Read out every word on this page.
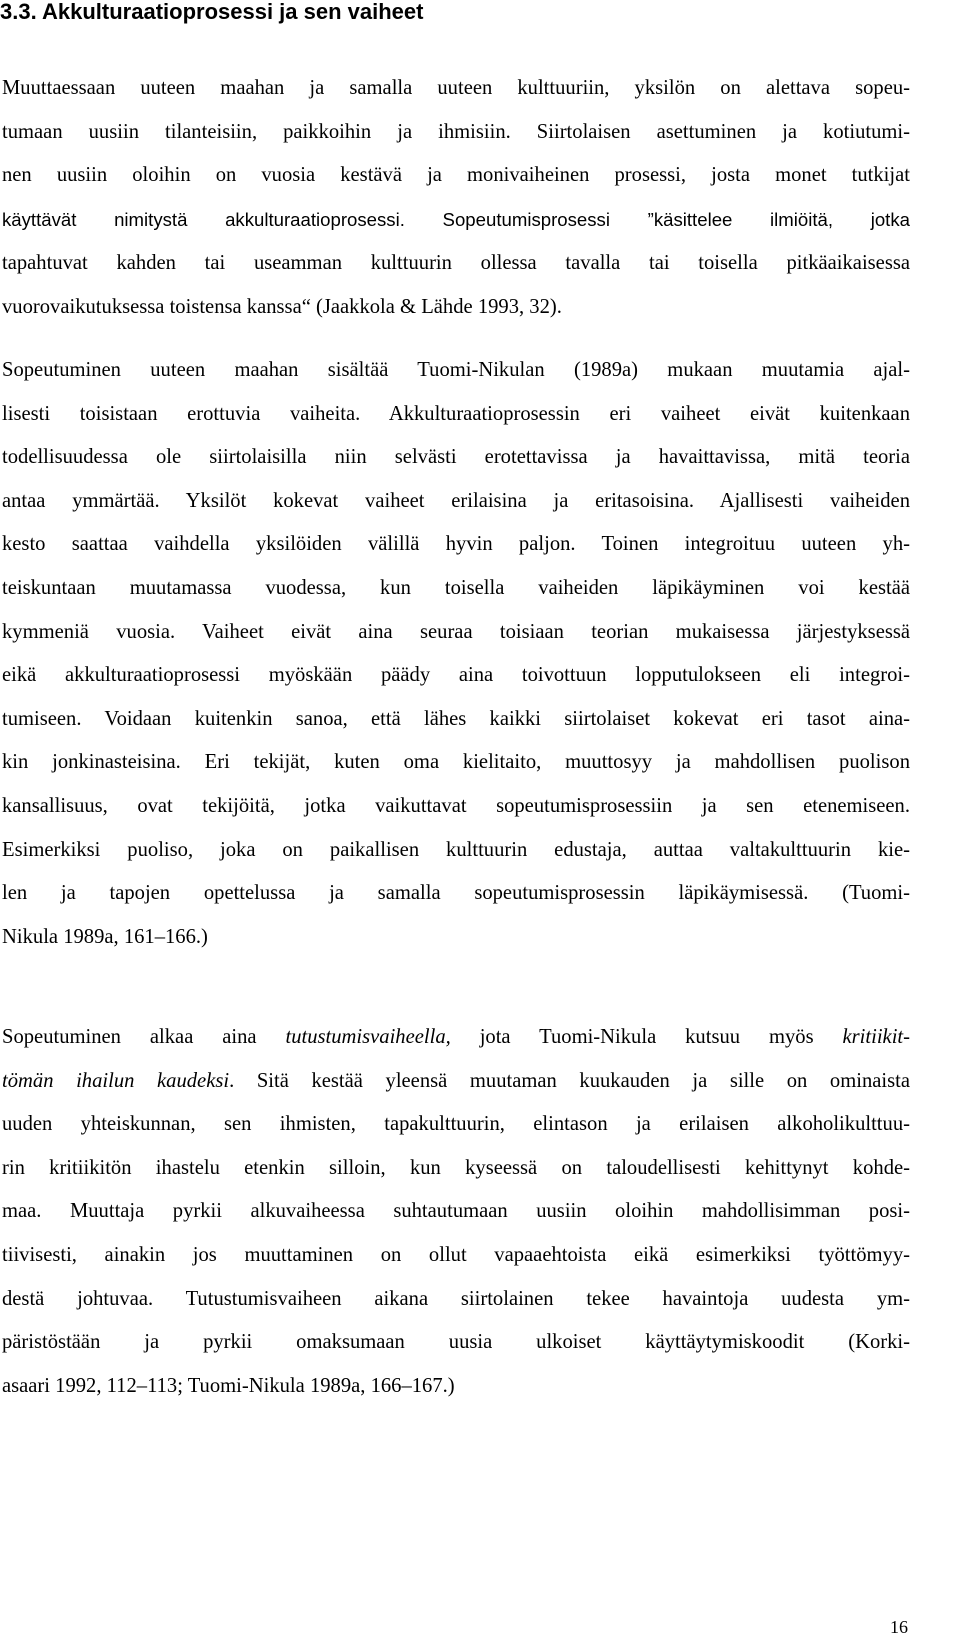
3.3. Akkulturaatioprosessi ja sen vaiheet
Muuttaessaan uuteen maahan ja samalla uuteen kulttuuriin, yksilön on alettava sopeu-
tumaan uusiin tilanteisiin, paikkoihin ja ihmisiin. Siirtolaisen asettuminen ja kotiutumi-
nen uusiin oloihin on vuosia kestävä ja monivaiheinen prosessi, josta monet tutkijat
käyttävät nimitystä akkulturaatioprosessi. Sopeutumisprosessi ”käsittelee ilmiöitä, jotka
tapahtuvat kahden tai useamman kulttuurin ollessa tavalla tai toisella pitkäaikaisessa
vuorovaikutuksessa toistensa kanssa“ (Jaakkola & Lähde 1993, 32).
Sopeutuminen uuteen maahan sisältää Tuomi-Nikulan (1989a) mukaan muutamia ajal-
lisesti toisistaan erottuvia vaiheita. Akkulturaatioprosessin eri vaiheet eivät kuitenkaan
todellisuudessa ole siirtolaisilla niin selvästi erotettavissa ja havaittavissa, mitä teoria
antaa ymmärtää. Yksilöt kokevat vaiheet erilaisina ja eritasoisina. Ajallisesti vaiheiden
kesto saattaa vaihdella yksilöiden välillä hyvin paljon. Toinen integroituu uuteen yh-
teiskuntaan muutamassa vuodessa, kun toisella vaiheiden läpikäyminen voi kestää
kymmeniä vuosia. Vaiheet eivät aina seuraa toisiaan teorian mukaisessa järjestyksessä
eikä akkulturaatioprosessi myöskään päädy aina toivottuun lopputulokseen eli integroi-
tumiseen. Voidaan kuitenkin sanoa, että lähes kaikki siirtolaiset kokevat eri tasot aina-
kin jonkinasteisina. Eri tekijät, kuten oma kielitaito, muuttosyy ja mahdollisen puolison
kansallisuus, ovat tekijöitä, jotka vaikuttavat sopeutumisprosessiin ja sen etenemiseen.
Esimerkiksi puoliso, joka on paikallisen kulttuurin edustaja, auttaa valtakulttuurin kie-
len ja tapojen opettelussa ja samalla sopeutumisprosessin läpikäymisessä. (Tuomi-
Nikula 1989a, 161–166.)
Sopeutuminen alkaa aina tutustumisvaiheella, jota Tuomi-Nikula kutsuu myös kritiikit-
tömän ihailun kaudeksi. Sitä kestää yleensä muutaman kuukauden ja sille on ominaista
uuden yhteiskunnan, sen ihmisten, tapakulttuurin, elintason ja erilaisen alkoholikulttuu-
rin kritiikitön ihastelu etenkin silloin, kun kyseessä on taloudellisesti kehittynyt kohde-
maa. Muuttaja pyrkii alkuvaiheessa suhtautumaan uusiin oloihin mahdollisimman posi-
tiivisesti, ainakin jos muuttaminen on ollut vapaaehtoista eikä esimerkiksi työttömyy-
destä johtuvaa. Tutustumisvaiheen aikana siirtolainen tekee havaintoja uudesta ym-
päristöstään ja pyrkii omaksumaan uusia ulkoiset käyttäytymiskoodit (Korki-
asaari 1992, 112–113; Tuomi-Nikula 1989a, 166–167.)
16
